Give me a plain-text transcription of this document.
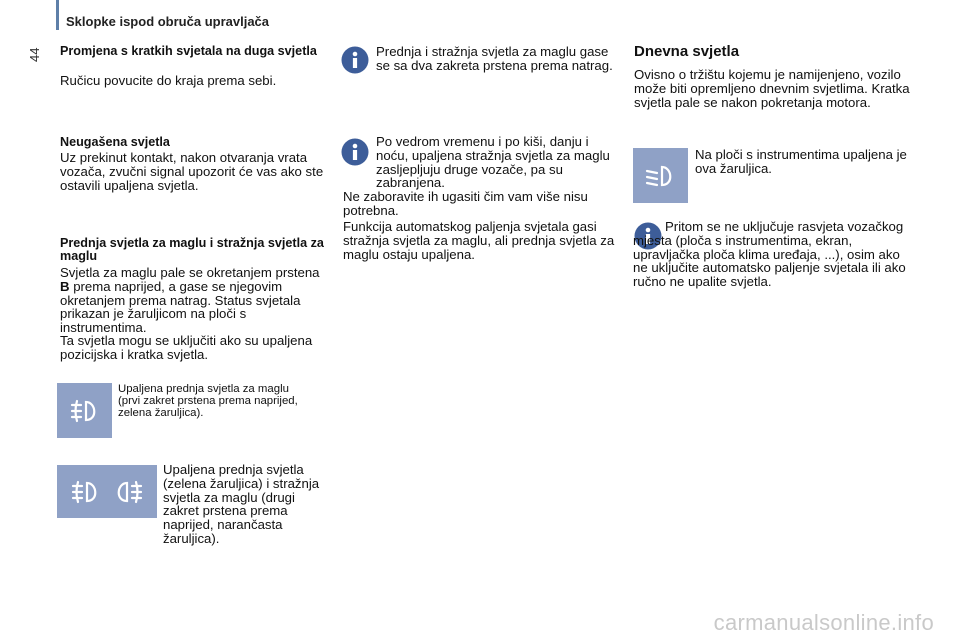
Sklopke ispod obruča upravljača
44 Promjena s kratkih svjetala na duga svjetla
Ručicu povucite do kraja prema sebi.
Neugašena svjetla
Uz prekinut kontakt, nakon otvaranja vrata vozača, zvučni signal upozorit će vas ako ste ostavili upaljena svjetla.
Prednja svjetla za maglu i stražnja svjetla za maglu
Svjetla za maglu pale se okretanjem prstena B prema naprijed, a gase se njegovim okretanjem prema natrag. Status svjetala prikazan je žaruljicom na ploči s instrumentima.
Ta svjetla mogu se uključiti ako su upaljena pozicijska i kratka svjetla.
Upaljena prednja svjetla za maglu (prvi zakret prstena prema naprijed, zelena žaruljica).
Upaljena prednja svjetla (zelena žaruljica) i stražnja svjetla za maglu (drugi zakret prstena prema naprijed, narančasta žaruljica).
Prednja i stražnja svjetla za maglu gase se sa dva zakreta prstena prema natrag.
Po vedrom vremenu i po kiši, danju i noću, upaljena stražnja svjetla za maglu zasljepljuju druge vozače, pa su zabranjena.
Ne zaboravite ih ugasiti čim vam više nisu potrebna.
Funkcija automatskog paljenja svjetala gasi stražnja svjetla za maglu, ali prednja svjetla za maglu ostaju upaljena.
Dnevna svjetla
Ovisno o tržištu kojemu je namijenjeno, vozilo može biti opremljeno dnevnim svjetlima. Kratka svjetla pale se nakon pokretanja motora.
Na ploči s instrumentima upaljena je ova žaruljica.
Pritom se ne uključuje rasvjeta vozačkog mjesta (ploča s instrumentima, ekran, upravljačka ploča klima uređaja, ...), osim ako ne uključite automatsko paljenje svjetala ili ako ručno ne upalite svjetla.
carmanualsonline.info
